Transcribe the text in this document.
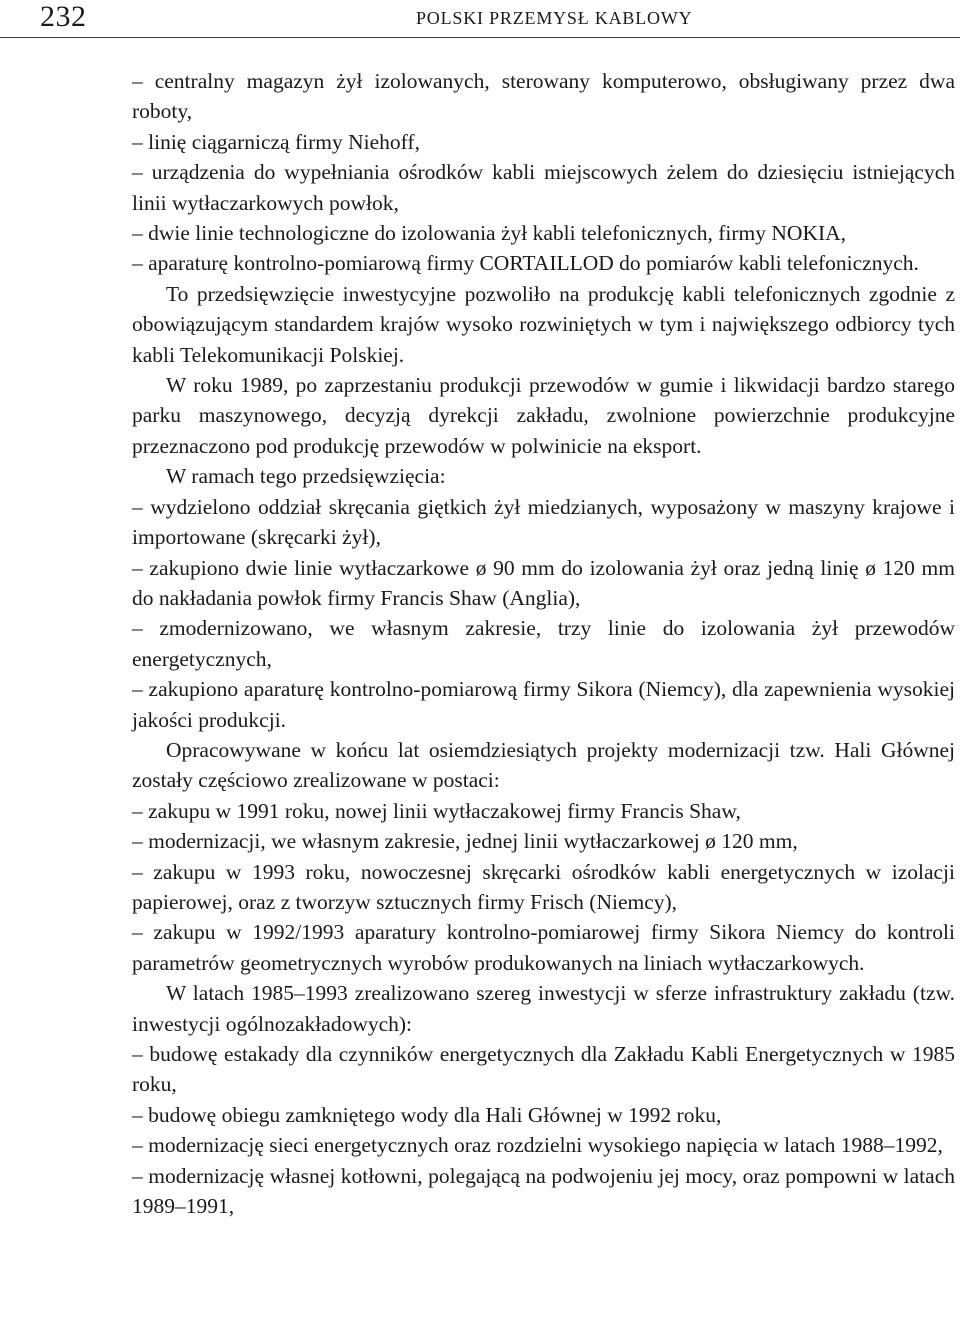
232	POLSKI PRZEMYSŁ KABLOWY

– centralny magazyn żył izolowanych, sterowany komputerowo, obsługiwany przez dwa roboty,

– linię ciągarniczą firmy Niehoff,

– urządzenia do wypełniania ośrodków kabli miejscowych żelem do dziesięciu istniejących linii wytłaczarkowych powłok,

– dwie linie technologiczne do izolowania żył kabli telefonicznych, firmy NOKIA,

– aparaturę kontrolno-pomiarową firmy CORTAILLOD do pomiarów kabli telefonicznych.

To przedsięwzięcie inwestycyjne pozwoliło na produkcję kabli telefonicznych zgodnie z obowiązującym standardem krajów wysoko rozwiniętych w tym i największego odbiorcy tych kabli Telekomunikacji Polskiej.

W roku 1989, po zaprzestaniu produkcji przewodów w gumie i likwidacji bardzo starego parku maszynowego, decyzją dyrekcji zakładu, zwolnione powierzchnie produkcyjne przeznaczono pod produkcję przewodów w polwinicie na eksport.

W ramach tego przedsięwzięcia:

– wydzielono oddział skręcania giętkich żył miedzianych, wyposażony w maszyny krajowe i importowane (skręcarki żył),

– zakupiono dwie linie wytłaczarkowe ø 90 mm do izolowania żył oraz jedną linię ø 120 mm do nakładania powłok firmy Francis Shaw (Anglia),

– zmodernizowano, we własnym zakresie, trzy linie do izolowania żył przewodów energetycznych,

– zakupiono aparaturę kontrolno-pomiarową firmy Sikora (Niemcy), dla zapewnienia wysokiej jakości produkcji.

Opracowywane w końcu lat osiemdziesiątych projekty modernizacji tzw. Hali Głównej zostały częściowo zrealizowane w postaci:

– zakupu w 1991 roku, nowej linii wytłaczakowej firmy Francis Shaw,

– modernizacji, we własnym zakresie, jednej linii wytłaczarkowej ø 120 mm,

– zakupu w 1993 roku, nowoczesnej skręcarki ośrodków kabli energetycznych w izolacji papierowej, oraz z tworzyw sztucznych firmy Frisch (Niemcy),

– zakupu w 1992/1993 aparatury kontrolno-pomiarowej firmy Sikora Niemcy do kontroli parametrów geometrycznych wyrobów produkowanych na liniach wytłaczarkowych.

W latach 1985–1993 zrealizowano szereg inwestycji w sferze infrastruktury zakładu (tzw. inwestycji ogólnozakładowych):

– budowę estakady dla czynników energetycznych dla Zakładu Kabli Energetycznych w 1985 roku,

– budowę obiegu zamkniętego wody dla Hali Głównej w 1992 roku,

– modernizację sieci energetycznych oraz rozdzielni wysokiego napięcia w latach 1988–1992,

– modernizację własnej kotłowni, polegającą na podwojeniu jej mocy, oraz pompowni w latach 1989–1991,
